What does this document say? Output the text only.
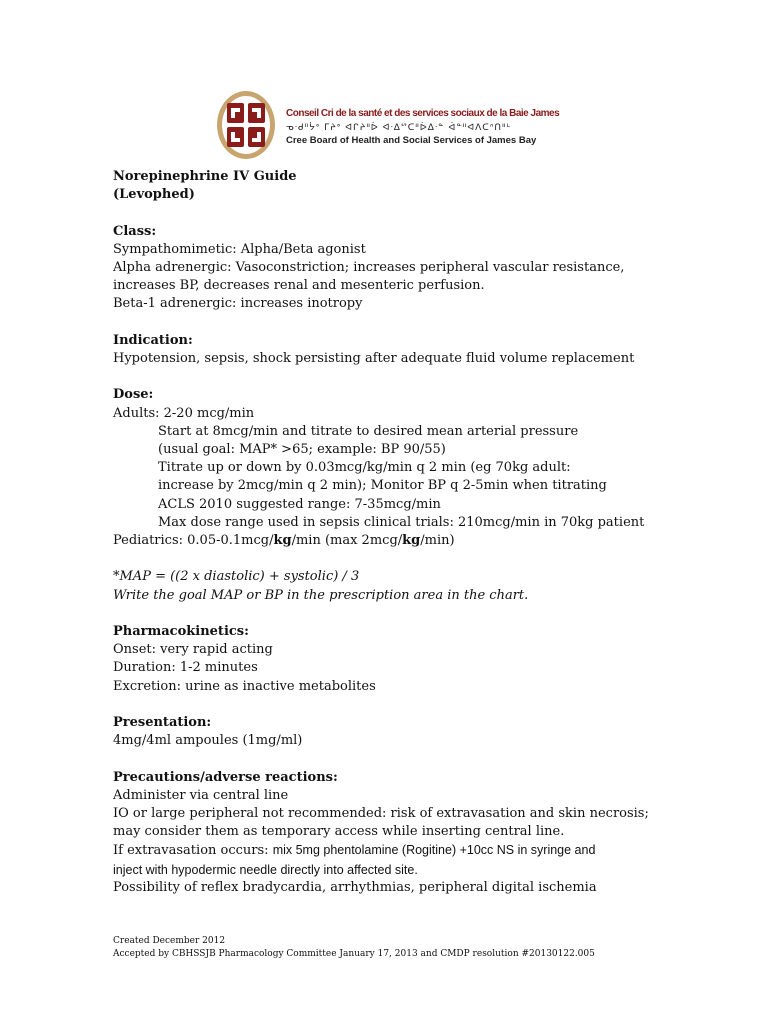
Conseil Cri de la santé et des services sociaux de la Baie James
ᓀᐧᑯᐦᔮᐤ ᒥᔨᐤ ᐊᒋᔨᐦᐆ ᐊᐧᐃᔥᑕᐦᐆᐃᐧᓐ ᐋᓐᐦᐊᐱᑕᐢᑎᐦᒡ
Cree Board of Health and Social Services of James Bay
Norepinephrine IV Guide
(Levophed)
Class:
Sympathomimetic: Alpha/Beta agonist
Alpha adrenergic: Vasoconstriction; increases peripheral vascular resistance,
increases BP, decreases renal and mesenteric perfusion.
Beta-1 adrenergic: increases inotropy
Indication:
Hypotension, sepsis, shock persisting after adequate fluid volume replacement
Dose:
Adults: 2-20 mcg/min
Start at 8mcg/min and titrate to desired mean arterial pressure
(usual goal: MAP* >65; example: BP 90/55)
Titrate up or down by 0.03mcg/kg/min q 2 min (eg 70kg adult:
increase by 2mcg/min q 2 min); Monitor BP q 2-5min when titrating
ACLS 2010 suggested range: 7-35mcg/min
Max dose range used in sepsis clinical trials: 210mcg/min in 70kg patient
Pediatrics: 0.05-0.1mcg/kg/min (max 2mcg/kg/min)
*MAP = ((2 x diastolic) + systolic) / 3
Write the goal MAP or BP in the prescription area in the chart.
Pharmacokinetics:
Onset: very rapid acting
Duration: 1-2 minutes
Excretion: urine as inactive metabolites
Presentation:
4mg/4ml ampoules (1mg/ml)
Precautions/adverse reactions:
Administer via central line
IO or large peripheral not recommended: risk of extravasation and skin necrosis;
may consider them as temporary access while inserting central line.
If extravasation occurs: mix 5mg phentolamine (Rogitine) +10cc NS in syringe and
inject with hypodermic needle directly into affected site.
Possibility of reflex bradycardia, arrhythmias, peripheral digital ischemia
Created December 2012
Accepted by CBHSSJB Pharmacology Committee January 17, 2013 and CMDP resolution #20130122.005
